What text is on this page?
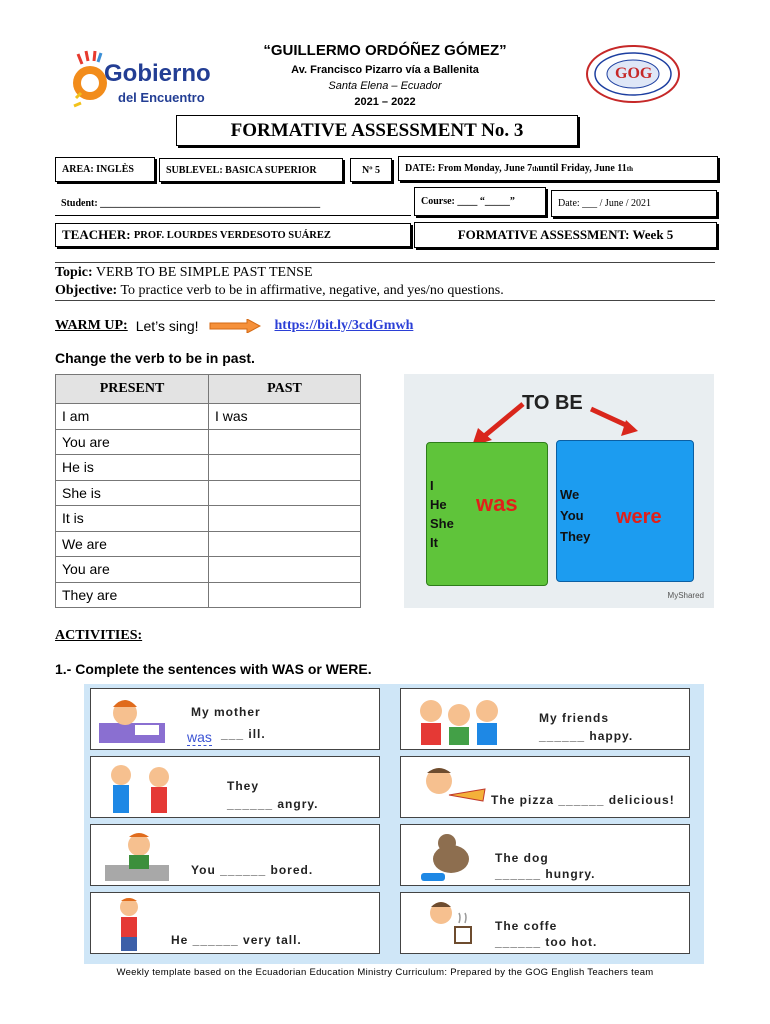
Gobierno
del Encuentro
“GUILLERMO ORDÓÑEZ GÓMEZ”
Av. Francisco Pizarro vía a Ballenita
Santa Elena – Ecuador
2021 – 2022
GOG
FORMATIVE ASSESSMENT No. 3
AREA: INGLÈS	SUBLEVEL: BASICA SUPERIOR	Nº 5	DATE: From Monday, June 7 th until Friday, June 11 th
Student: ____________________________________________	Course: ____ “_____”	Date: ___ / June / 2021
TEACHER:
PROF. LOURDES VERDESOTO SUÁREZ	FORMATIVE ASSESSMENT: Week 5
Topic: VERB TO BE SIMPLE PAST TENSE
Objective: To practice verb to be in affirmative, negative, and yes/no questions.
WARM UP: Let’s sing!	https://bit.ly/3cdGmwh
Change the verb to be in past.
PRESENT	PAST
I am	I was
You are	
He is	
She is	
It is	
We are	
You are	
They are	
TO BE
I
He
She
It
was	We
You
They
were
MyShared
ACTIVITIES:
1.- Complete the sentences with WAS or WERE.
My mother
was ___ ill.
My friends
______ happy.
They
______ angry.	The pizza ______ delicious!
You ______ bored.
The dog
______ hungry.
He ______ very tall.
The coffe
______ too hot.
Weekly template based on the Ecuadorian Education Ministry Curriculum: Prepared by the GOG English Teachers team
